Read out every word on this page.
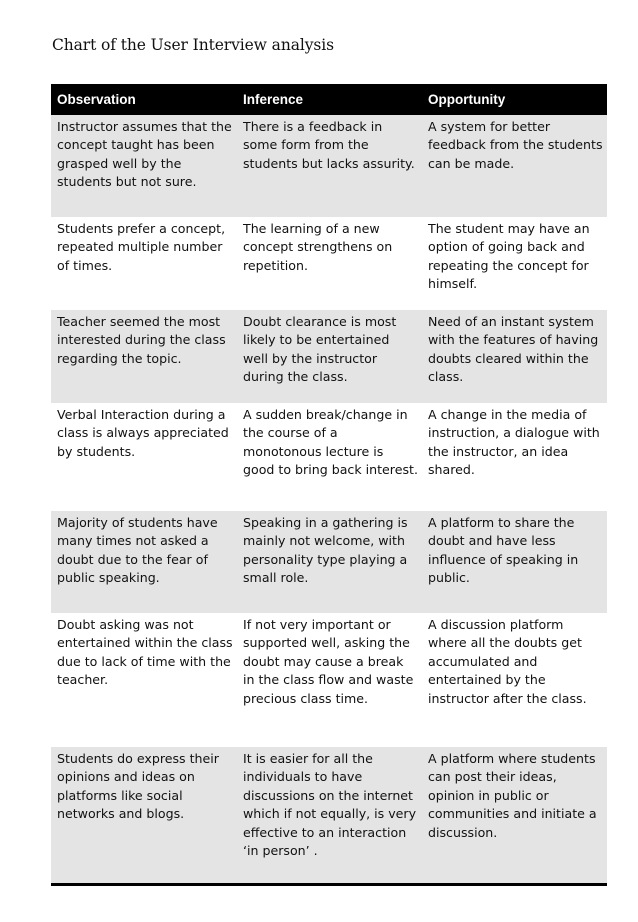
Chart of the User Interview analysis
Observation	Inference	Opportunity
Instructor assumes that the concept taught has been grasped well by the students but not sure.
There is a feedback in some form from the students but lacks assurity.
A system for better feedback from the students can be made.
Students prefer a concept, repeated multiple number of times.
The learning of a new concept strengthens on repetition.
The student may have an option of going back and repeating the concept for himself.
Teacher seemed the most interested during the class regarding the topic.
Doubt clearance is most likely to be entertained well by the instructor during the class.
Need of an instant system with the features of having doubts cleared within the class.
Verbal Interaction during a class is always appreciated by students.
A sudden break/change in the course of a monotonous lecture is good to bring back interest.
A change in the media of instruction, a dialogue with the instructor, an idea shared.
Majority of students have many times not asked a doubt due to the fear of public speaking.
Speaking in a gathering is mainly not welcome, with personality type playing a small role.
A platform to share the doubt and have less influence of speaking in public.
Doubt asking was not entertained within the class due to lack of time with the teacher.
If not very important or supported well, asking the doubt may cause a break in the class flow and waste precious class time.
A discussion platform where all the doubts get accumulated and entertained by the instructor after the class.
Students do express their opinions and ideas on platforms like social networks and blogs.
It is easier for all the individuals to have discussions on the internet which if not equally, is very effective to an interaction ‘in person’ .
A platform where students can post their ideas, opinion in public or communities and initiate a discussion.
